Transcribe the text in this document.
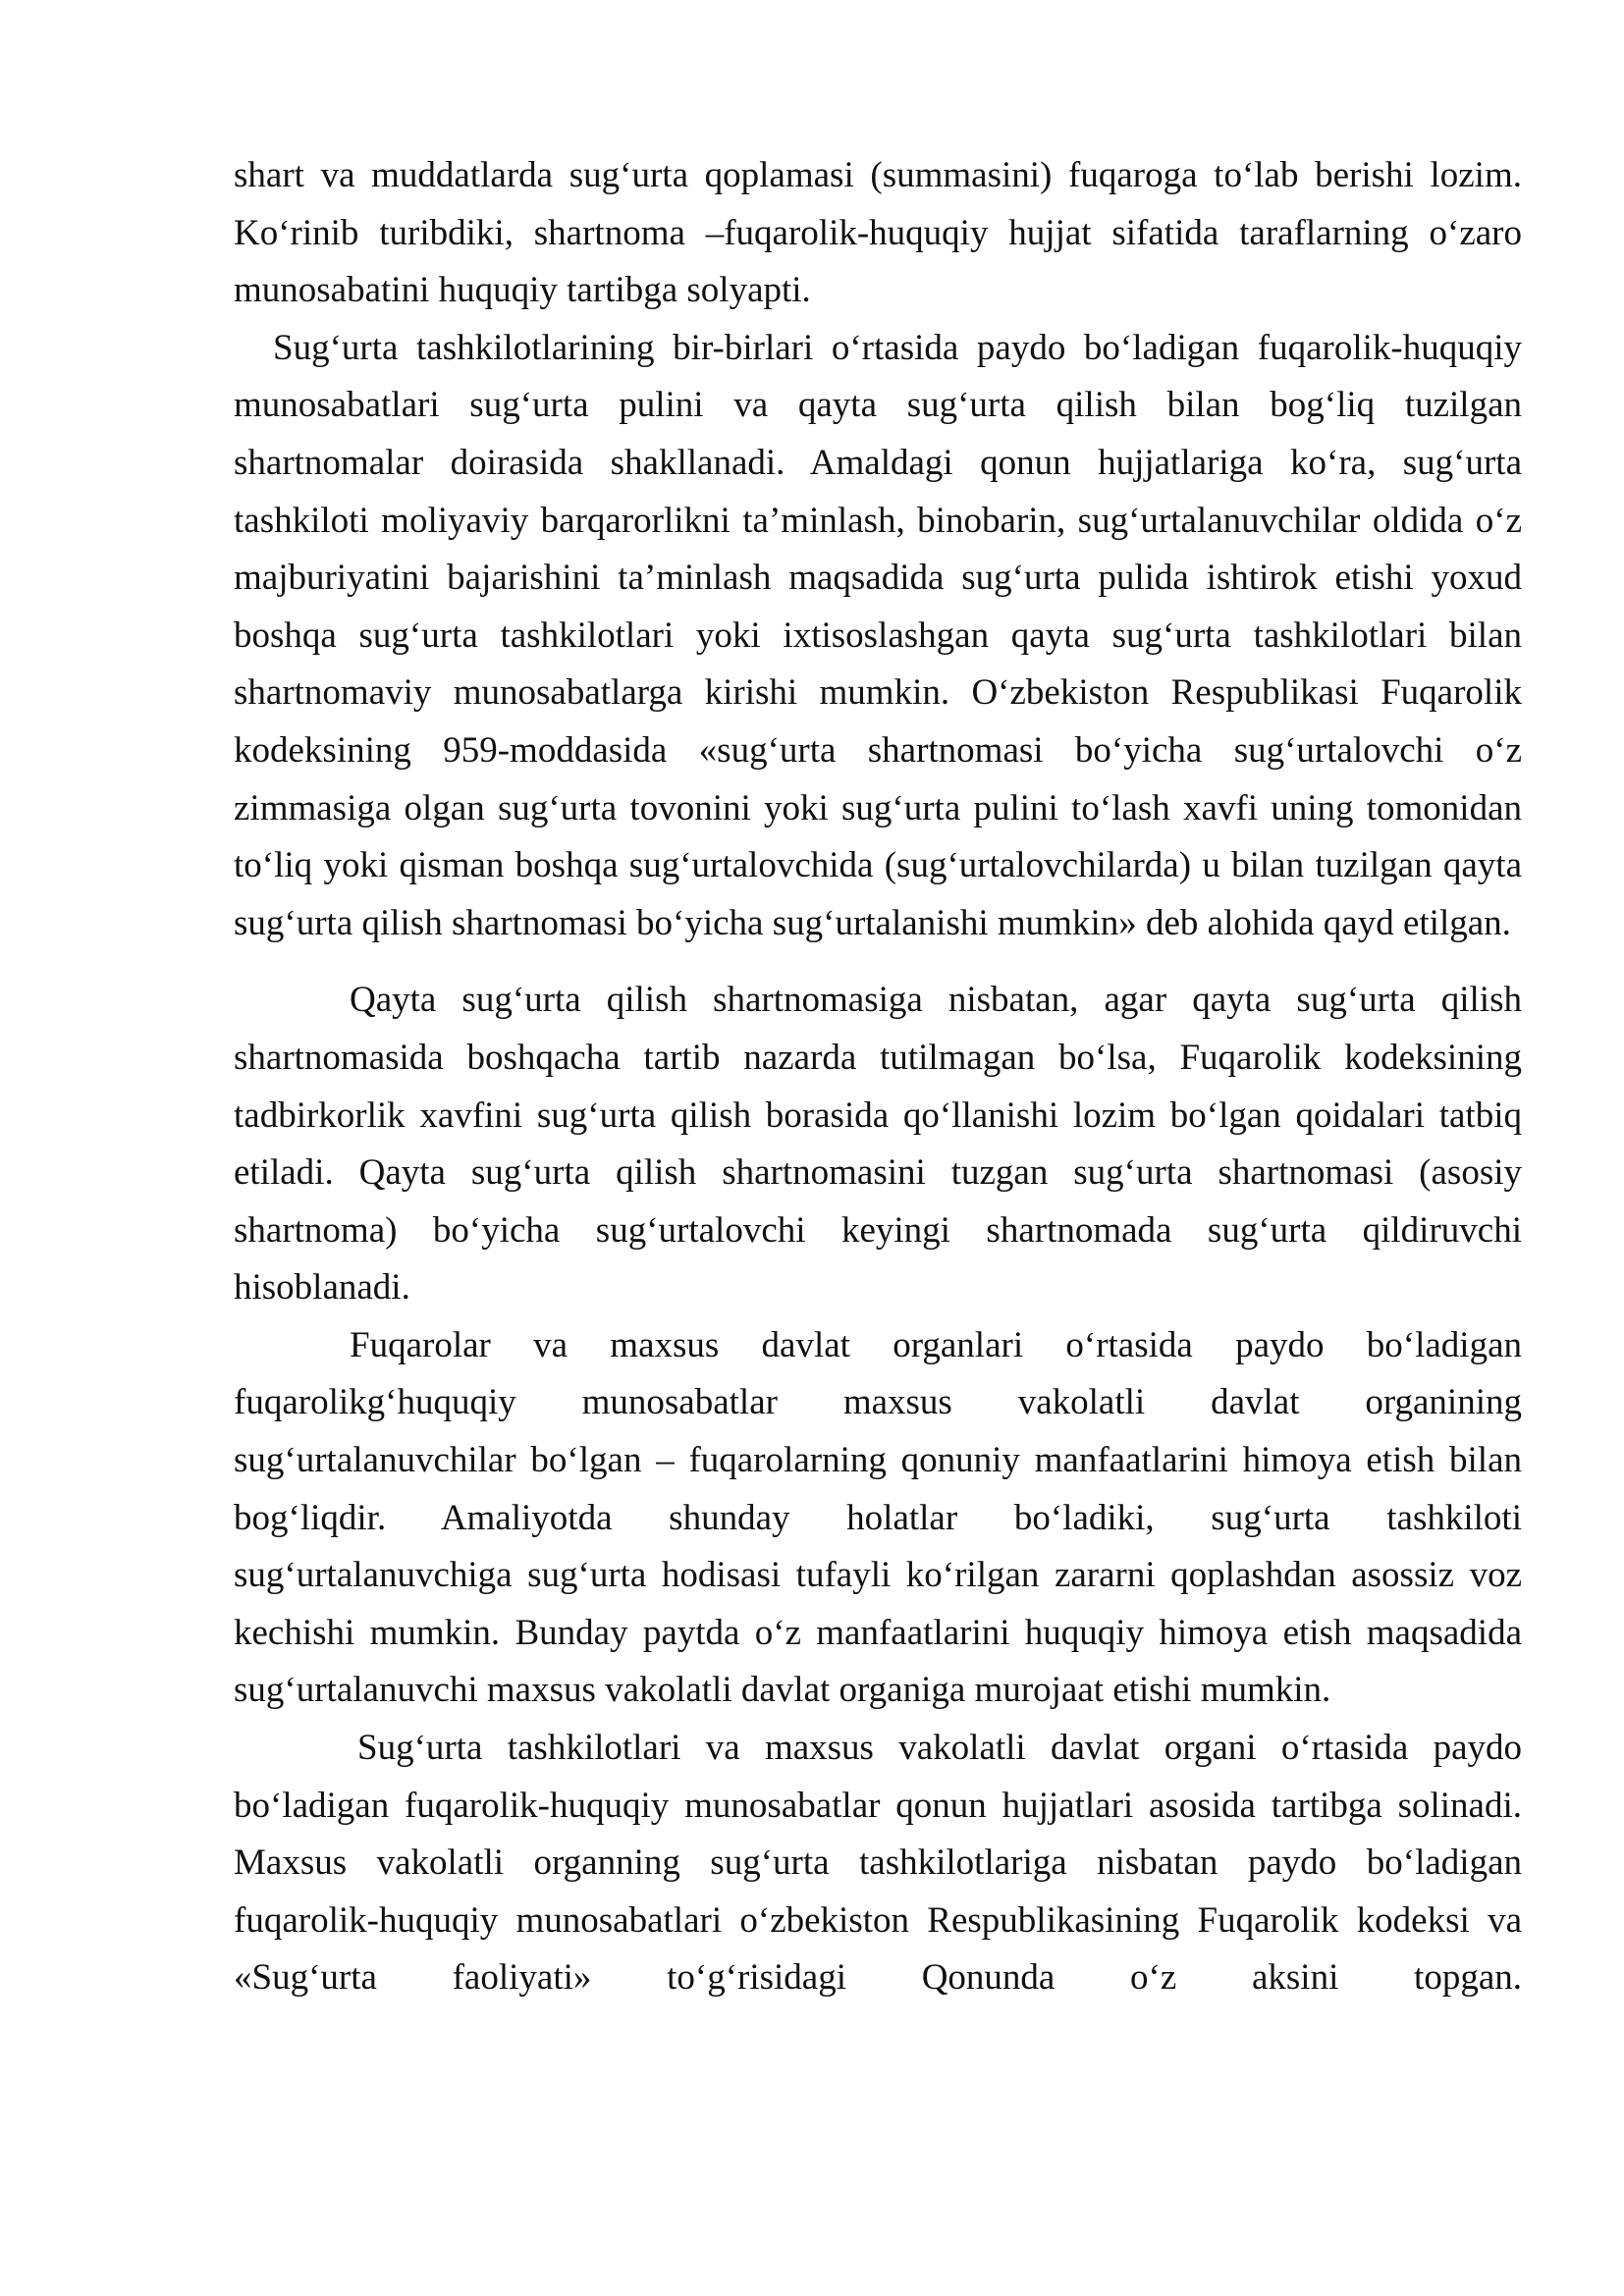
shart va muddatlarda sug‘urta qoplamasi (summasini) fuqaroga to‘lab berishi lozim. Ko‘rinib turibdiki, shartnoma –fuqarolik-huquqiy hujjat sifatida taraflarning o‘zaro munosabatini huquqiy tartibga solyapti.

Sug‘urta tashkilotlarining bir-birlari o‘rtasida paydo bo‘ladigan fuqarolik-huquqiy munosabatlari sug‘urta pulini va qayta sug‘urta qilish bilan bog‘liq tuzilgan shartnomalar doirasida shakllanadi. Amaldagi qonun hujjatlariga ko‘ra, sug‘urta tashkiloti moliyaviy barqarorlikni ta’minlash, binobarin, sug‘urtalanuvchilar oldida o‘z majburiyatini bajarishini ta’minlash maqsadida sug‘urta pulida ishtirok etishi yoxud boshqa sug‘urta tashkilotlari yoki ixtisoslashgan qayta sug‘urta tashkilotlari bilan shartnomaviy munosabatlarga kirishi mumkin. O‘zbekiston Respublikasi Fuqarolik kodeksining 959-moddasida «sug‘urta shartnomasi bo‘yicha sug‘urtalovchi o‘z zimmasiga olgan sug‘urta tovonini yoki sug‘urta pulini to‘lash xavfi uning tomonidan to‘liq yoki qisman boshqa sug‘urtalovchida (sug‘urtalovchilarda) u bilan tuzilgan qayta sug‘urta qilish shartnomasi bo‘yicha sug‘urtalanishi mumkin» deb alohida qayd etilgan.

Qayta sug‘urta qilish shartnomasiga nisbatan, agar qayta sug‘urta qilish shartnomasida boshqacha tartib nazarda tutilmagan bo‘lsa, Fuqarolik kodeksining tadbirkorlik xavfini sug‘urta qilish borasida qo‘llanishi lozim bo‘lgan qoidalari tatbiq etiladi. Qayta sug‘urta qilish shartnomasini tuzgan sug‘urta shartnomasi (asosiy shartnoma) bo‘yicha sug‘urtalovchi keyingi shartnomada sug‘urta qildiruvchi hisoblanadi.

Fuqarolar va maxsus davlat organlari o‘rtasida paydo bo‘ladigan fuqarolikg‘huquqiy munosabatlar maxsus vakolatli davlat organining sug‘urtalanuvchilar bo‘lgan – fuqarolarning qonuniy manfaatlarini himoya etish bilan bog‘liqdir. Amaliyotda shunday holatlar bo‘ladiki, sug‘urta tashkiloti sug‘urtalanuvchiga sug‘urta hodisasi tufayli ko‘rilgan zararni qoplashdan asossiz voz kechishi mumkin. Bunday paytda o‘z manfaatlarini huquqiy himoya etish maqsadida sug‘urtalanuvchi maxsus vakolatli davlat organiga murojaat etishi mumkin.

Sug‘urta tashkilotlari va maxsus vakolatli davlat organi o‘rtasida paydo bo‘ladigan fuqarolik-huquqiy munosabatlar qonun hujjatlari asosida tartibga solinadi. Maxsus vakolatli organning sug‘urta tashkilotlariga nisbatan paydo bo‘ladigan fuqarolik-huquqiy munosabatlari o‘zbekiston Respublikasining Fuqarolik kodeksi va «Sug‘urta faoliyati» to‘g‘risidagi Qonunda o‘z aksini topgan.
